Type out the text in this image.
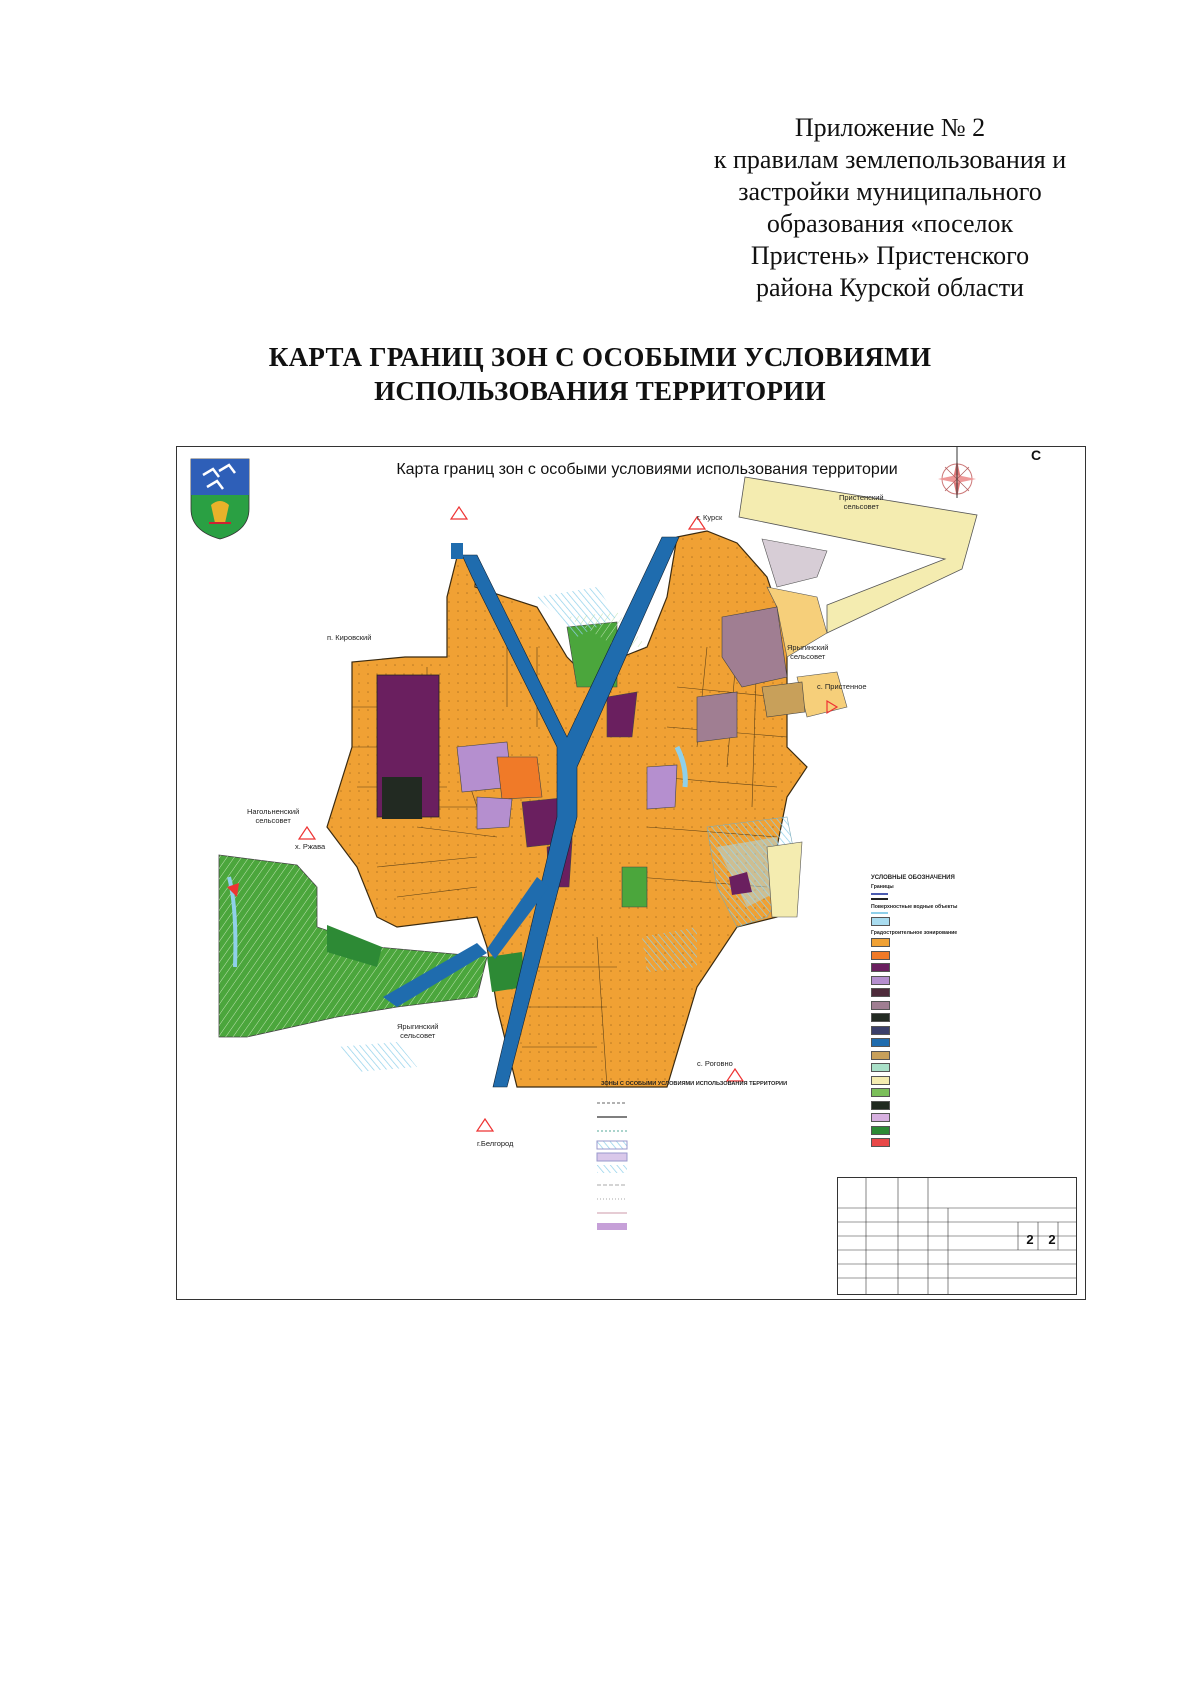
Приложение № 2
к правилам землепользования и
застройки муниципального
образования «поселок
Пристень» Пристенского
района Курской области
КАРТА ГРАНИЦ ЗОН С ОСОБЫМИ УСЛОВИЯМИ
ИСПОЛЬЗОВАНИЯ ТЕРРИТОРИИ
Карта границ зон с особыми условиями использования территории
С
Пристенский
сельсовет
г. Курск
п. Кировский
Ярыгинский
сельсовет
с. Пристенное
Нагольненский
сельсовет
х. Ржава
Ярыгинский
сельсовет
с. Роговно
г.Белгород
УСЛОВНЫЕ ОБОЗНАЧЕНИЯ
Границы
Поверхностные водные объекты
Градостроительное зонирование
ЗОНЫ С ОСОБЫМИ УСЛОВИЯМИ ИСПОЛЬЗОВАНИЯ ТЕРРИТОРИИ
2	2
